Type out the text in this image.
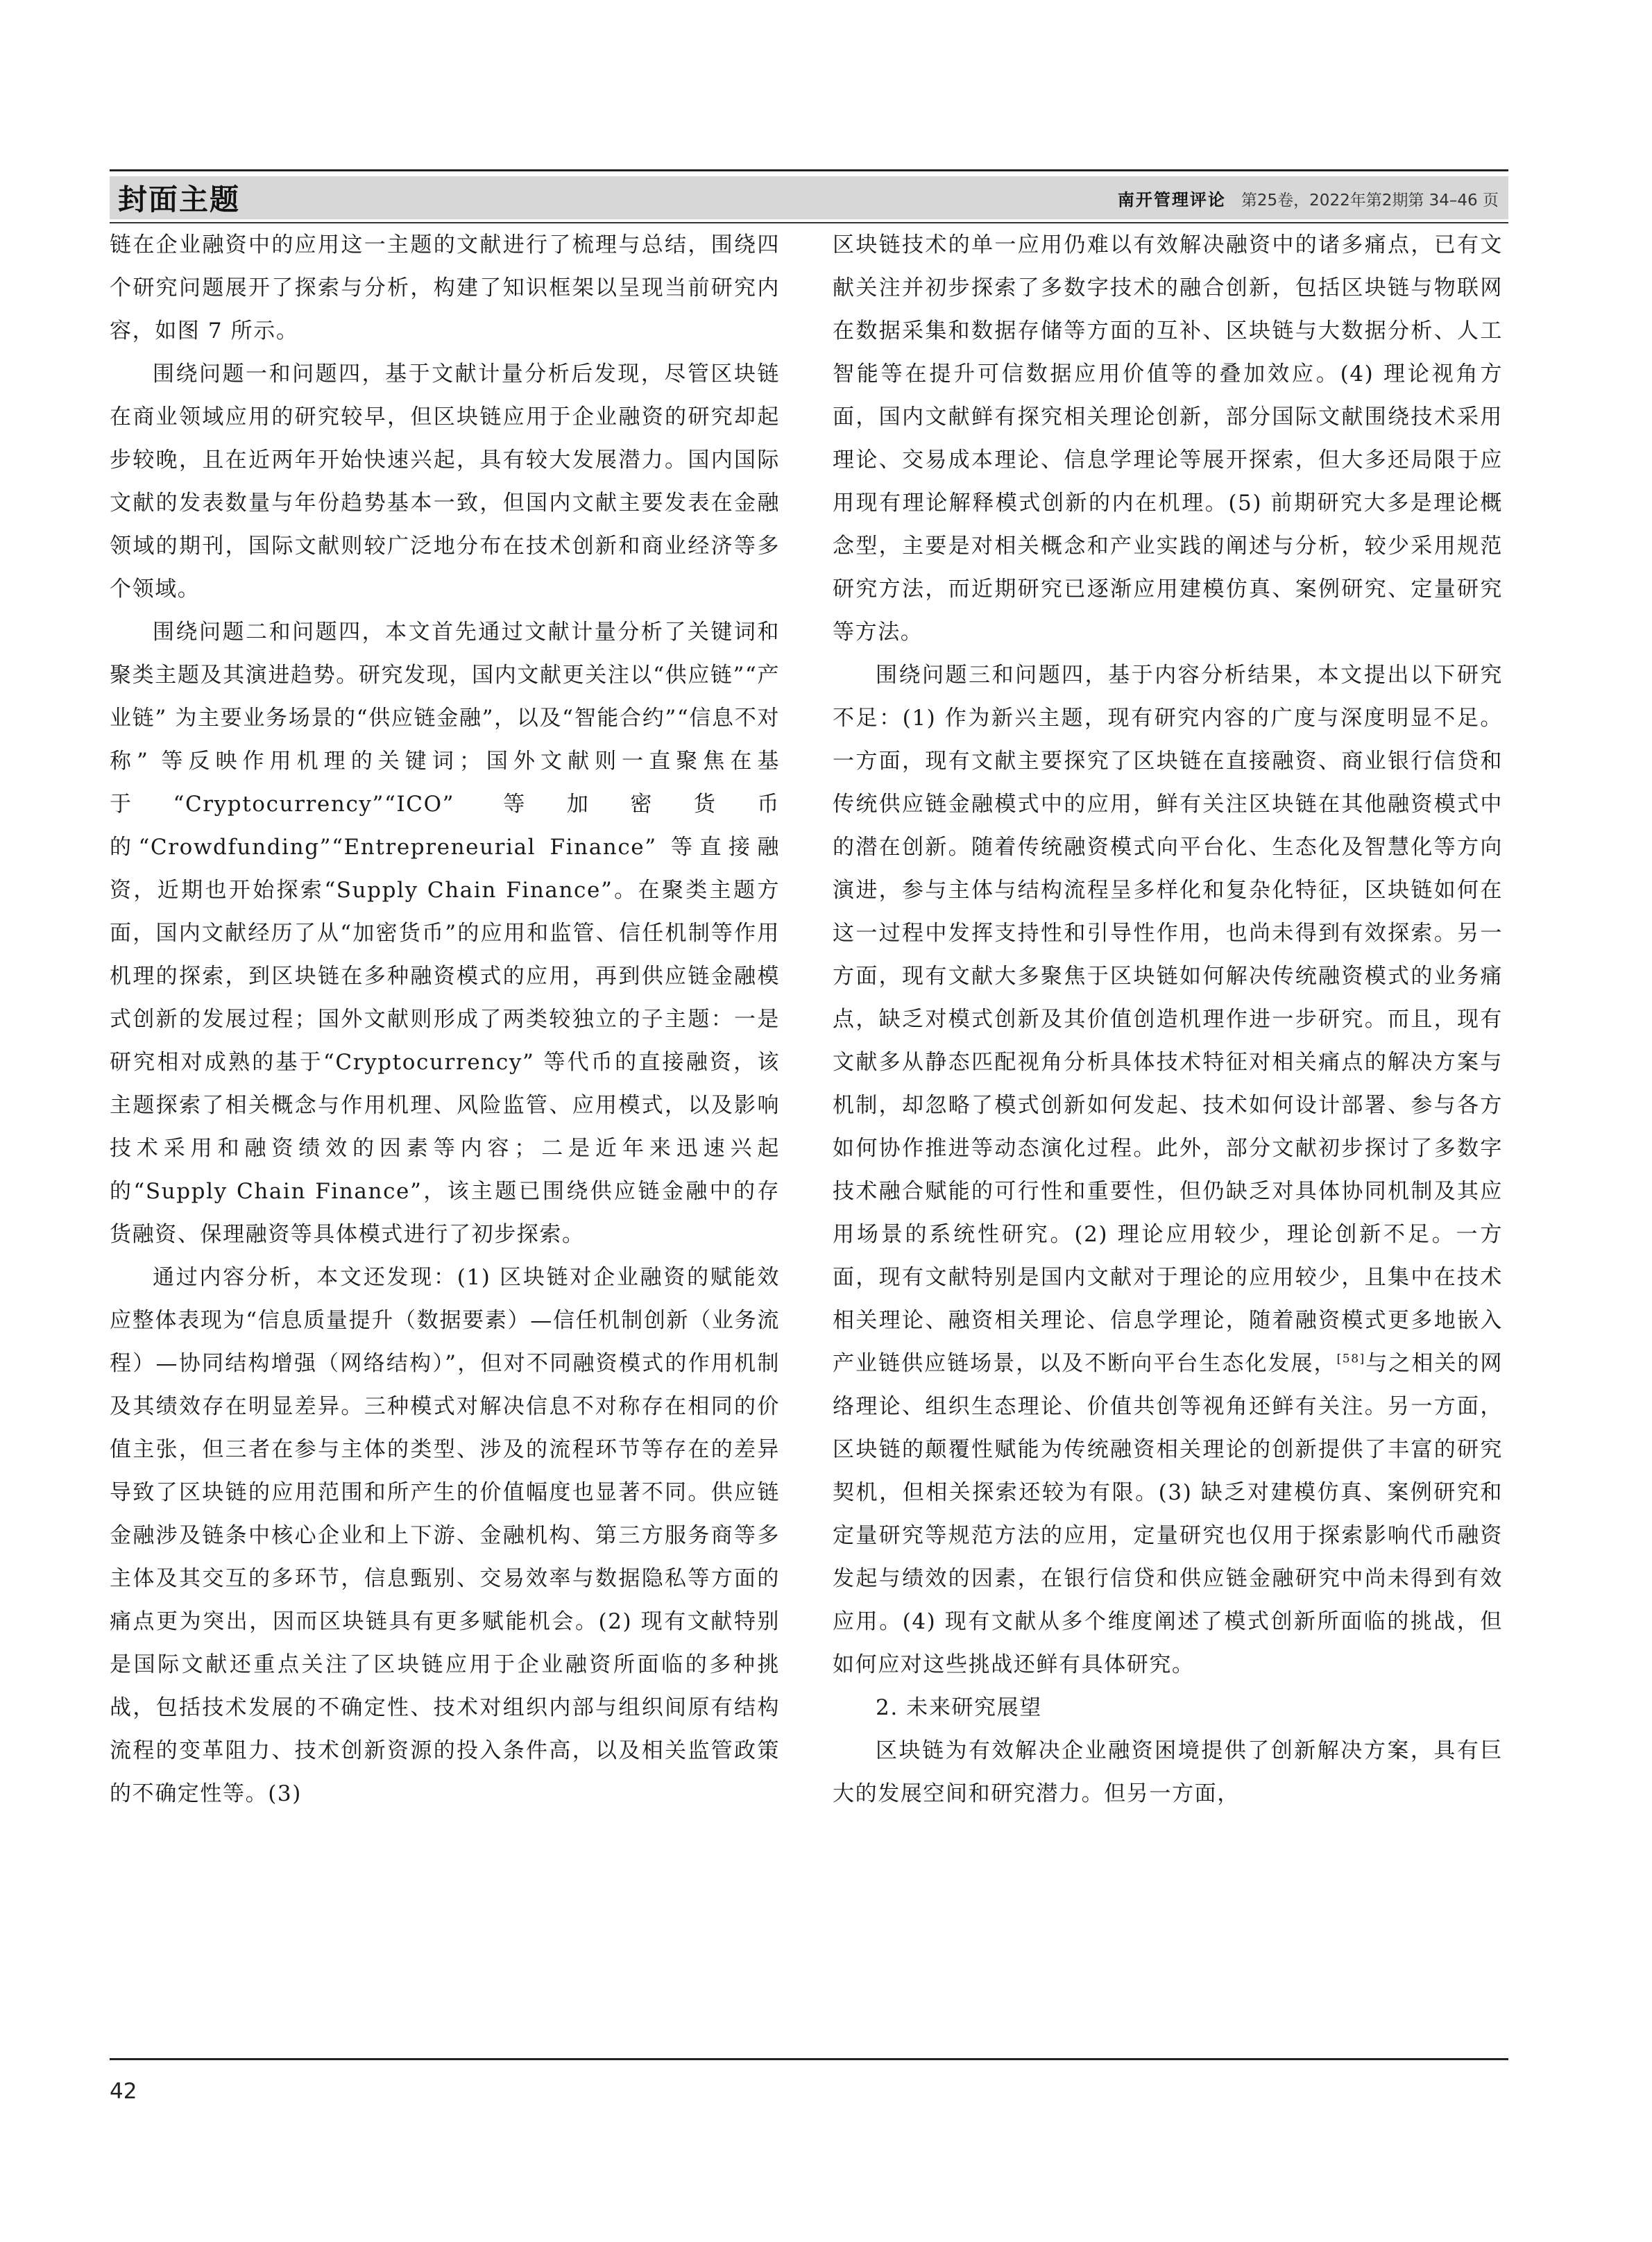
封面主题	南开管理评论 第25卷，2022年第2期第 34–46 页

链在企业融资中的应用这一主题的文献进行了梳理与总结，围绕四个研究问题展开了探索与分析，构建了知识框架以呈现当前研究内容，如图 7 所示。

围绕问题一和问题四，基于文献计量分析后发现，尽管区块链在商业领域应用的研究较早，但区块链应用于企业融资的研究却起步较晚，且在近两年开始快速兴起，具有较大发展潜力。国内国际文献的发表数量与年份趋势基本一致，但国内文献主要发表在金融领域的期刊，国际文献则较广泛地分布在技术创新和商业经济等多个领域。

围绕问题二和问题四，本文首先通过文献计量分析了关键词和聚类主题及其演进趋势。研究发现，国内文献更关注以“供应链”“产业链” 为主要业务场景的“供应链金融”，以及“智能合约”“信息不对称” 等反映作用机理的关键词；国外文献则一直聚焦在基于“Cryptocurrency”“ICO” 等加密货币的“Crowdfunding”“Entrepreneurial Finance” 等直接融资，近期也开始探索“Supply Chain Finance”。在聚类主题方面，国内文献经历了从“加密货币”的应用和监管、信任机制等作用机理的探索，到区块链在多种融资模式的应用，再到供应链金融模式创新的发展过程；国外文献则形成了两类较独立的子主题：一是研究相对成熟的基于“Cryptocurrency” 等代币的直接融资，该主题探索了相关概念与作用机理、风险监管、应用模式，以及影响技术采用和融资绩效的因素等内容；二是近年来迅速兴起的“Supply Chain Finance”，该主题已围绕供应链金融中的存货融资、保理融资等具体模式进行了初步探索。

通过内容分析，本文还发现：(1) 区块链对企业融资的赋能效应整体表现为“信息质量提升（数据要素）—信任机制创新（业务流程）—协同结构增强（网络结构）”，但对不同融资模式的作用机制及其绩效存在明显差异。三种模式对解决信息不对称存在相同的价值主张，但三者在参与主体的类型、涉及的流程环节等存在的差异导致了区块链的应用范围和所产生的价值幅度也显著不同。供应链金融涉及链条中核心企业和上下游、金融机构、第三方服务商等多主体及其交互的多环节，信息甄别、交易效率与数据隐私等方面的痛点更为突出，因而区块链具有更多赋能机会。(2) 现有文献特别是国际文献还重点关注了区块链应用于企业融资所面临的多种挑战，包括技术发展的不确定性、技术对组织内部与组织间原有结构流程的变革阻力、技术创新资源的投入条件高，以及相关监管政策的不确定性等。(3)

区块链技术的单一应用仍难以有效解决融资中的诸多痛点，已有文献关注并初步探索了多数字技术的融合创新，包括区块链与物联网在数据采集和数据存储等方面的互补、区块链与大数据分析、人工智能等在提升可信数据应用价值等的叠加效应。(4) 理论视角方面，国内文献鲜有探究相关理论创新，部分国际文献围绕技术采用理论、交易成本理论、信息学理论等展开探索，但大多还局限于应用现有理论解释模式创新的内在机理。(5) 前期研究大多是理论概念型，主要是对相关概念和产业实践的阐述与分析，较少采用规范研究方法，而近期研究已逐渐应用建模仿真、案例研究、定量研究等方法。

围绕问题三和问题四，基于内容分析结果，本文提出以下研究不足：(1) 作为新兴主题，现有研究内容的广度与深度明显不足。一方面，现有文献主要探究了区块链在直接融资、商业银行信贷和传统供应链金融模式中的应用，鲜有关注区块链在其他融资模式中的潜在创新。随着传统融资模式向平台化、生态化及智慧化等方向演进，参与主体与结构流程呈多样化和复杂化特征，区块链如何在这一过程中发挥支持性和引导性作用，也尚未得到有效探索。另一方面，现有文献大多聚焦于区块链如何解决传统融资模式的业务痛点，缺乏对模式创新及其价值创造机理作进一步研究。而且，现有文献多从静态匹配视角分析具体技术特征对相关痛点的解决方案与机制，却忽略了模式创新如何发起、技术如何设计部署、参与各方如何协作推进等动态演化过程。此外，部分文献初步探讨了多数字技术融合赋能的可行性和重要性，但仍缺乏对具体协同机制及其应用场景的系统性研究。(2) 理论应用较少，理论创新不足。一方面，现有文献特别是国内文献对于理论的应用较少，且集中在技术相关理论、融资相关理论、信息学理论，随着融资模式更多地嵌入产业链供应链场景，以及不断向平台生态化发展，[58]与之相关的网络理论、组织生态理论、价值共创等视角还鲜有关注。另一方面，区块链的颠覆性赋能为传统融资相关理论的创新提供了丰富的研究契机，但相关探索还较为有限。(3) 缺乏对建模仿真、案例研究和定量研究等规范方法的应用，定量研究也仅用于探索影响代币融资发起与绩效的因素，在银行信贷和供应链金融研究中尚未得到有效应用。(4) 现有文献从多个维度阐述了模式创新所面临的挑战，但如何应对这些挑战还鲜有具体研究。

2. 未来研究展望

区块链为有效解决企业融资困境提供了创新解决方案，具有巨大的发展空间和研究潜力。但另一方面，

42
